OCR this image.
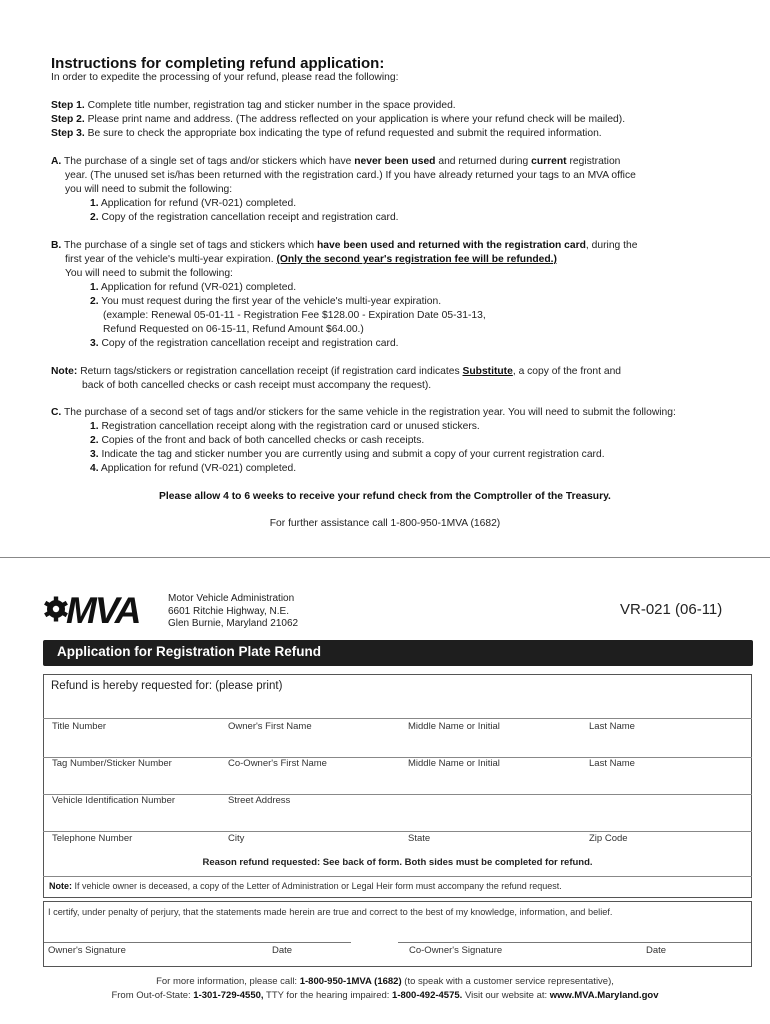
Instructions for completing refund application:
In order to expedite the processing of your refund, please read the following:
Step 1. Complete title number, registration tag and sticker number in the space provided.
Step 2. Please print name and address. (The address reflected on your application is where your refund check will be mailed).
Step 3. Be sure to check the appropriate box indicating the type of refund requested and submit the required information.
A. The purchase of a single set of tags and/or stickers which have never been used and returned during current registration
year. (The unused set is/has been returned with the registration card.) If you have already returned your tags to an MVA office
you will need to submit the following:
1. Application for refund (VR-021) completed.
2. Copy of the registration cancellation receipt and registration card.
B. The purchase of a single set of tags and stickers which have been used and returned with the registration card, during the
first year of the vehicle's multi-year expiration. (Only the second year's registration fee will be refunded.)
You will need to submit the following:
1. Application for refund (VR-021) completed.
2. You must request during the first year of the vehicle's multi-year expiration.
(example: Renewal 05-01-11 - Registration Fee $128.00 - Expiration Date 05-31-13,
Refund Requested on 06-15-11, Refund Amount $64.00.)
3. Copy of the registration cancellation receipt and registration card.
Note: Return tags/stickers or registration cancellation receipt (if registration card indicates Substitute, a copy of the front and
back of both cancelled checks or cash receipt must accompany the request).
C. The purchase of a second set of tags and/or stickers for the same vehicle in the registration year. You will need to submit the following:
1. Registration cancellation receipt along with the registration card or unused stickers.
2. Copies of the front and back of both cancelled checks or cash receipts.
3. Indicate the tag and sticker number you are currently using and submit a copy of your current registration card.
4. Application for refund (VR-021) completed.
Please allow 4 to 6 weeks to receive your refund check from the Comptroller of the Treasury.
For further assistance call 1-800-950-1MVA (1682)
MVA	Motor Vehicle Administration
6601 Ritchie Highway, N.E.
Glen Burnie, Maryland 21062
VR-021 (06-11)
Application for Registration Plate Refund
Refund is hereby requested for: (please print)
Title Number	Owner's First Name	Middle Name or Initial	Last Name
Tag Number/Sticker Number	Co-Owner's First Name	Middle Name or Initial	Last Name
Vehicle Identification Number	Street Address
Telephone Number	City	State	Zip Code
Reason refund requested: See back of form. Both sides must be completed for refund.
Note: If vehicle owner is deceased, a copy of the Letter of Administration or Legal Heir form must accompany the refund request.
I certify, under penalty of perjury, that the statements made herein are true and correct to the best of my knowledge, information, and belief.
Owner's Signature	Date	Co-Owner's Signature	Date
For more information, please call: 1-800-950-1MVA (1682) (to speak with a customer service representative),
From Out-of-State: 1-301-729-4550, TTY for the hearing impaired: 1-800-492-4575. Visit our website at: www.MVA.Maryland.gov
